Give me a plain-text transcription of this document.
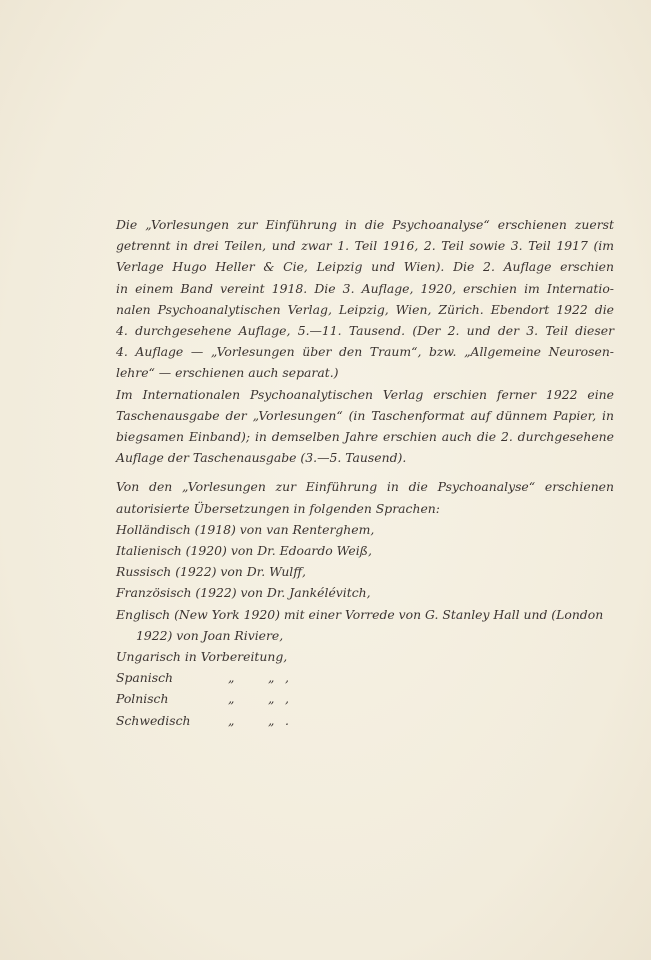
Die „Vorlesungen zur Einführung in die Psychoanalyse“ erschienen zuerst
getrennt in drei Teilen, und zwar 1. Teil 1916, 2. Teil sowie 3. Teil 1917 (im
Verlage Hugo Heller & Cie, Leipzig und Wien). Die 2. Auflage erschien
in einem Band vereint 1918. Die 3. Auflage, 1920, erschien im Internatio-
nalen Psychoanalytischen Verlag, Leipzig, Wien, Zürich. Ebendort 1922 die
4. durchgesehene Auflage, 5.—11. Tausend. (Der 2. und der 3. Teil dieser
4. Auflage — „Vorlesungen über den Traum“, bzw. „Allgemeine Neurosen-
lehre“ — erschienen auch separat.)
Im Internationalen Psychoanalytischen Verlag erschien ferner 1922 eine
Taschenausgabe der „Vorlesungen“ (in Taschenformat auf dünnem Papier, in
biegsamen Einband); in demselben Jahre erschien auch die 2. durchgesehene
Auflage der Taschenausgabe (3.—5. Tausend).
Von den „Vorlesungen zur Einführung in die Psychoanalyse“ erschienen
autorisierte Übersetzungen in folgenden Sprachen:
Holländisch (1918) von van Renterghem,
Italienisch (1920) von Dr. Edoardo Weiß,
Russisch (1922) von Dr. Wulff,
Französisch (1922) von Dr. Jankélévitch,
Englisch (New York 1920) mit einer Vorrede von G. Stanley Hall und (London
1922) von Joan Riviere,
Ungarisch in Vorbereitung,
Spanisch	„	„ ,
Polnisch	„	„ ,
Schwedisch	„	„ .
